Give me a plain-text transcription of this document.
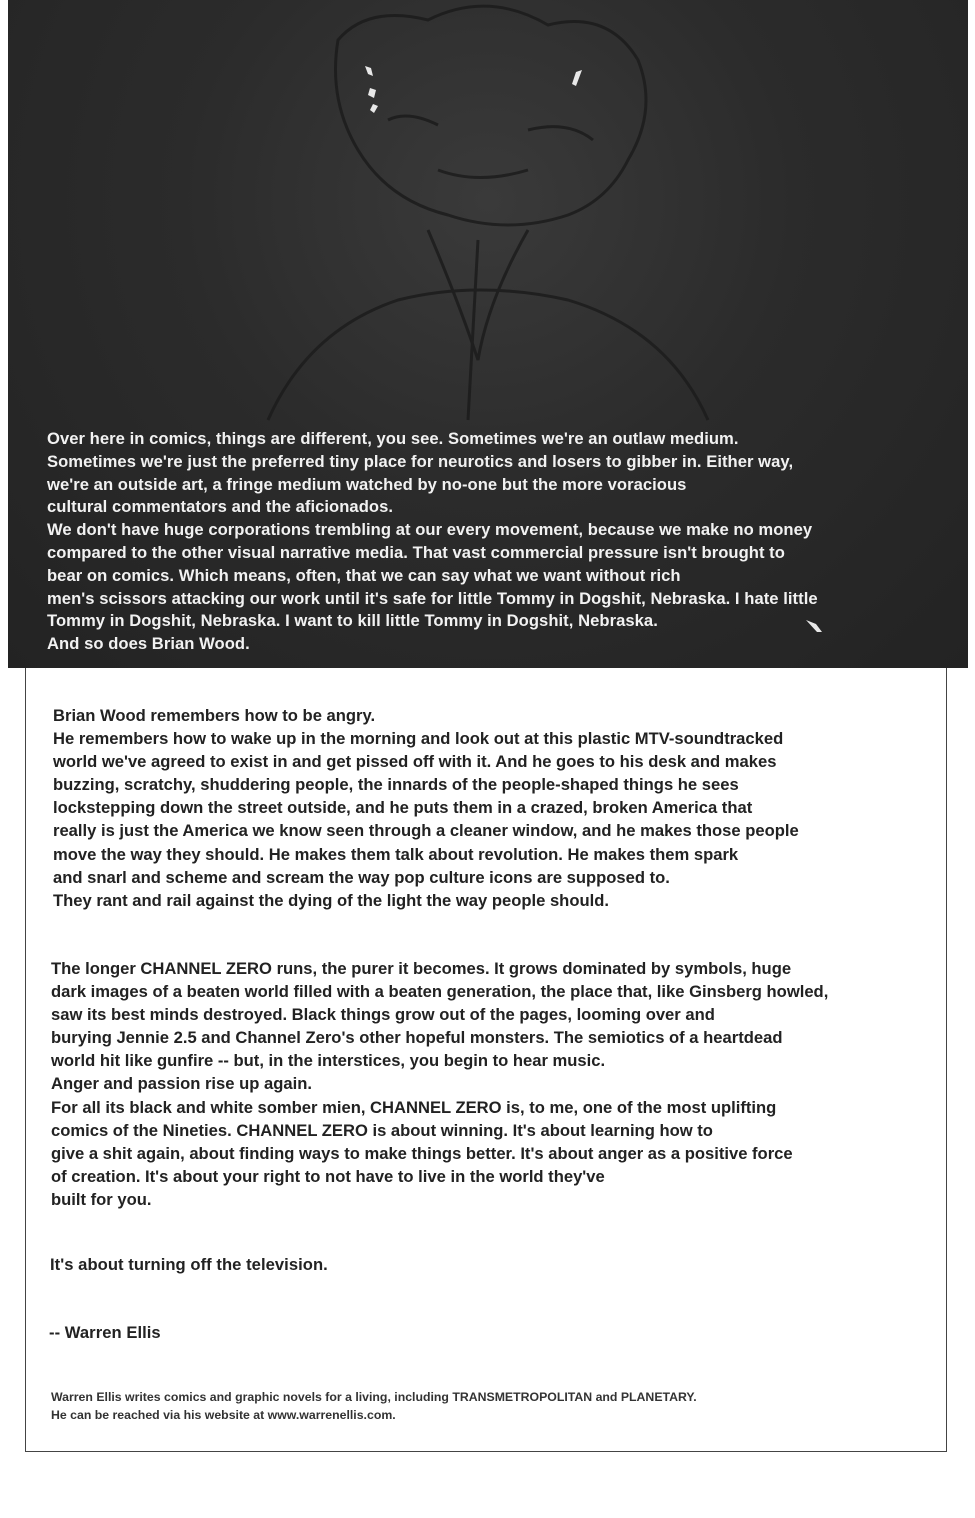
Over here in comics, things are different, you see. Sometimes we're an outlaw medium.

Sometimes we're just the preferred tiny place for neurotics and losers to gibber in. Either way,

we're an outside art, a fringe medium watched by no-one but the more voracious

cultural commentators and the aficionados.

We don't have huge corporations trembling at our every movement, because we make no money

compared to the other visual narrative media. That vast commercial pressure isn't brought to

bear on comics. Which means, often, that we can say what we want without rich

men's scissors attacking our work until it's safe for little Tommy in Dogshit, Nebraska. I hate little

Tommy in Dogshit, Nebraska. I want to kill little Tommy in Dogshit, Nebraska.

And so does Brian Wood.

Brian Wood remembers how to be angry.

He remembers how to wake up in the morning and look out at this plastic MTV-soundtracked

world we've agreed to exist in and get pissed off with it. And he goes to his desk and makes

buzzing, scratchy, shuddering people, the innards of the people-shaped things he sees

lockstepping down the street outside, and he puts them in a crazed, broken America that

really is just the America we know seen through a cleaner window, and he makes those people

move the way they should. He makes them talk about revolution. He makes them spark

and snarl and scheme and scream the way pop culture icons are supposed to.

They rant and rail against the dying of the light the way people should.

The longer CHANNEL ZERO runs, the purer it becomes. It grows dominated by symbols, huge

dark images of a beaten world filled with a beaten generation, the place that, like Ginsberg howled,

saw its best minds destroyed. Black things grow out of the pages, looming over and

burying Jennie 2.5 and Channel Zero's other hopeful monsters. The semiotics of a heartdead

world hit like gunfire -- but, in the interstices, you begin to hear music.

Anger and passion rise up again.

For all its black and white somber mien, CHANNEL ZERO is, to me, one of the most uplifting

comics of the Nineties. CHANNEL ZERO is about winning. It's about learning how to

give a shit again, about finding ways to make things better. It's about anger as a positive force

of creation. It's about your right to not have to live in the world they've

built for you.

It's about turning off the television.
-- Warren Ellis

Warren Ellis writes comics and graphic novels for a living, including TRANSMETROPOLITAN and PLANETARY.

He can be reached via his website at www.warrenellis.com.
